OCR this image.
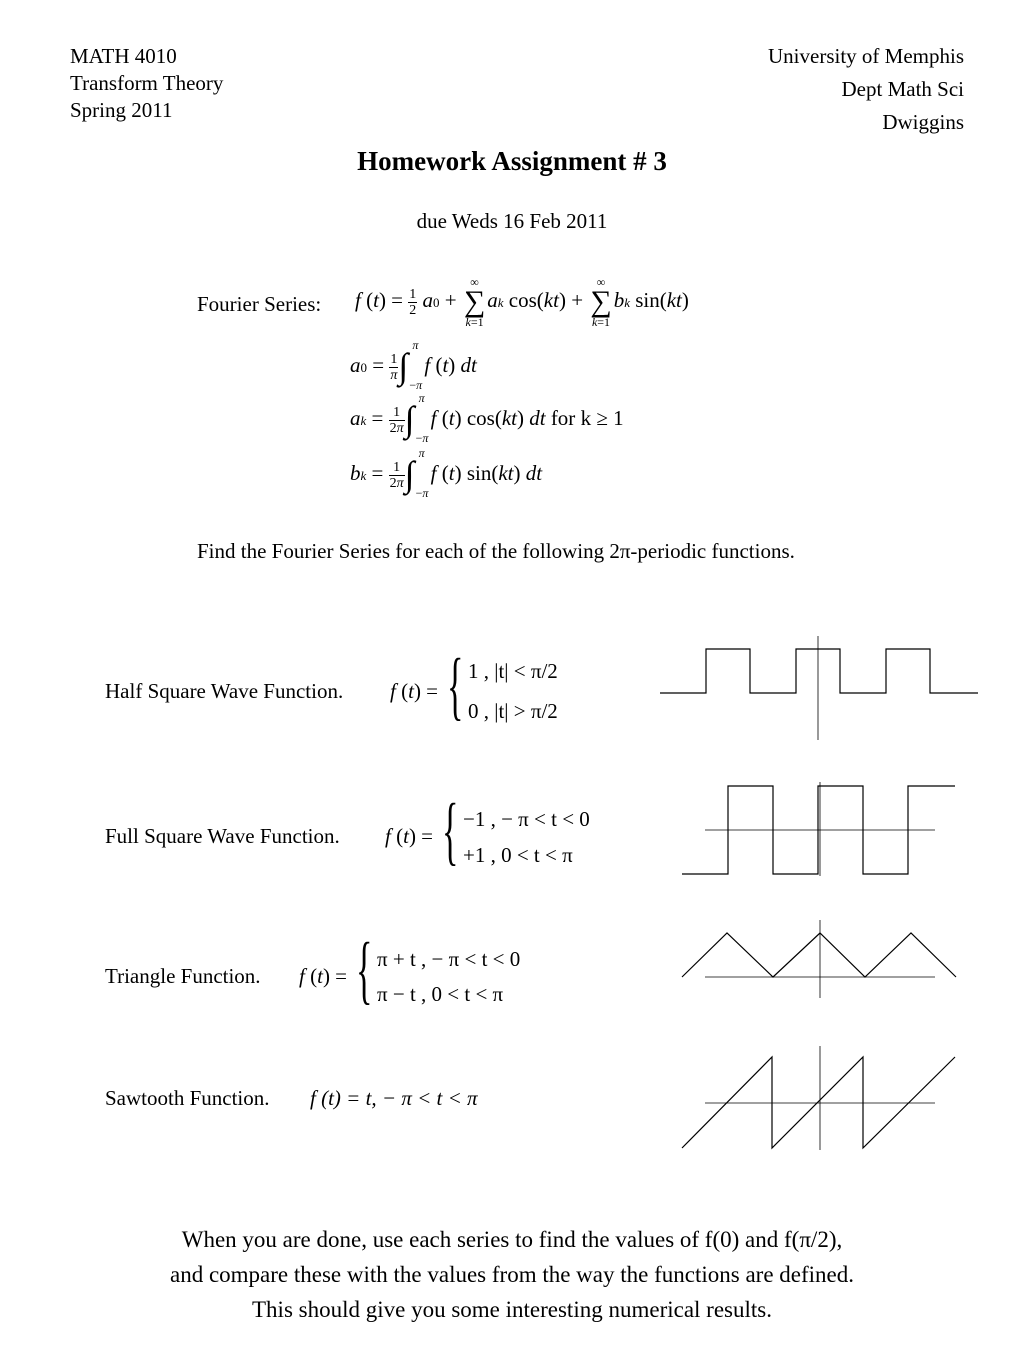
MATH 4010
Transform Theory
Spring 2011
University of Memphis
Dept Math Sci
Dwiggins
Homework Assignment # 3
due Weds 16 Feb 2011
Fourier Series: f $(t) = \frac{1}{2} a0$ +
∞
∑
k=1
ak cos(kt) +
∞
∑
k=1
bk sin(kt)
$a0 = \frac{1}{\pi}$ ∫
π
−π
f (t) dt
ak = $\frac{1}{2\pi}$ ∫
π
−π
f (t) cos(kt) dt for k ≥ 1
bk = $\frac{1}{2\pi}$ ∫
π
−π
f (t) sin(kt) dt
Find the Fourier Series for each of the following 2π-periodic functions.
Half Square Wave Function. f (t) = { 1 , |t| < π/2
0 , |t| > π/2
Full Square Wave Function. f (t) = { −1 , − π < t < 0
+1 , 0 < t < π
Triangle Function. f (t) = { π + t , − π < t < 0
π − t , 0 < t < π
Sawtooth Function. f (t) = t, − π < t < π
When you are done, use each series to find the values of f(0) and f(π/2),
and compare these with the values from the way the functions are defined.
This should give you some interesting numerical results.
